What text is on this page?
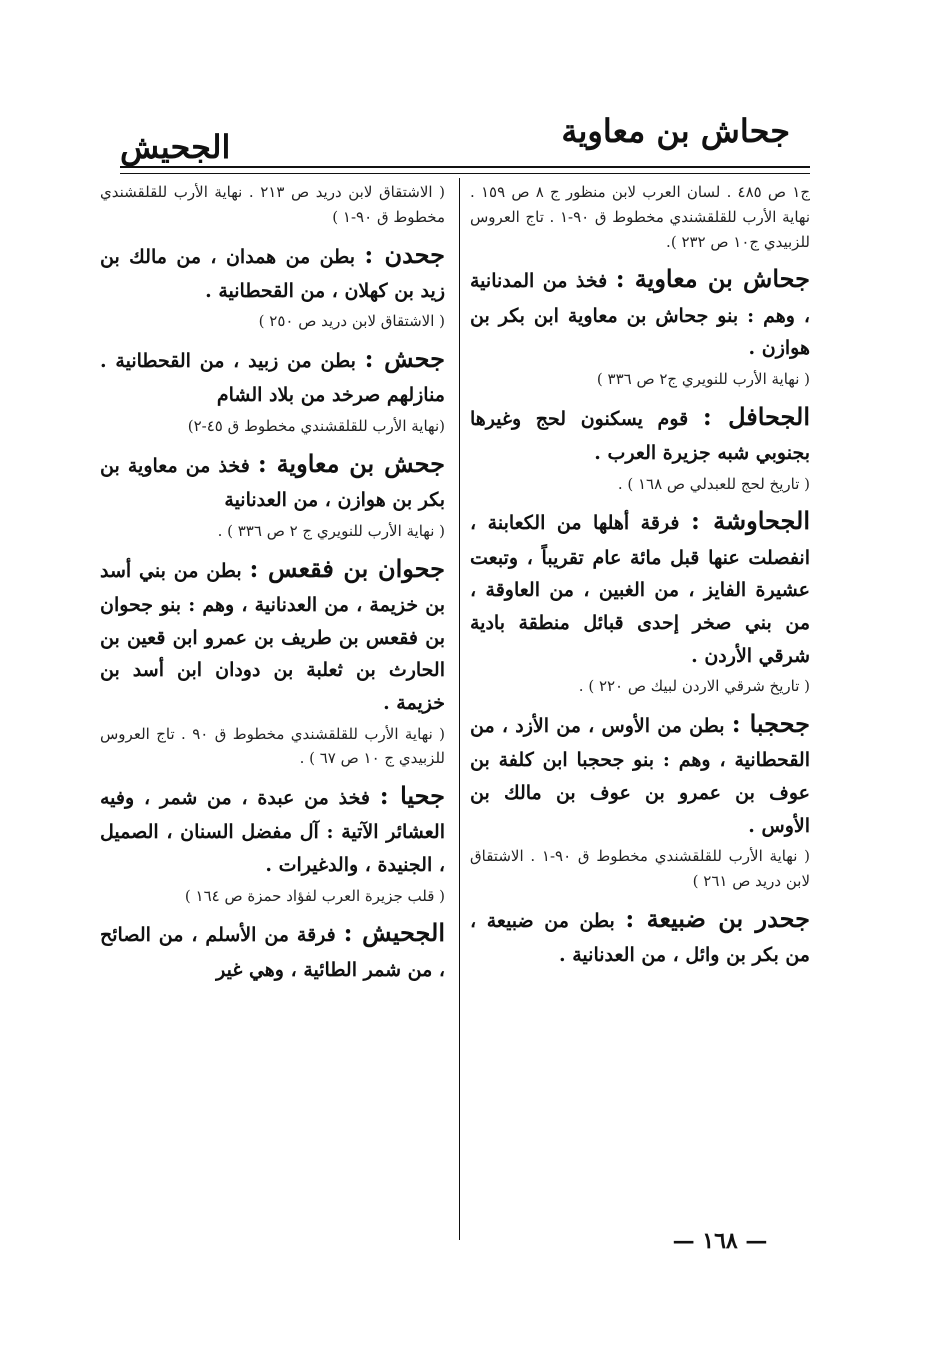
الجحيش	جحاش بن معاوية
ج١ ص ٤٨٥ . لسان العرب لابن منظور ج ٨ ص ١٥٩ . نهاية الأرب للقلقشندي مخطوط ق ٩٠-١ . تاج العروس للزبيدي ج١٠ ص ٢٣٢ ).
جحاش بن معاوية : فخذ من المدنانية ، وهم : بنو جحاش بن معاوية ابن بكر بن هوازن .
( نهاية الأرب للنويري ج٢ ص ٣٣٦ )
الجحافل : قوم يسكنون لحج وغيرها بجنوبي شبه جزيرة العرب .
( تاريخ لحج للعبدلي ص ١٦٨ ) .
الجحاوشة : فرقة أهلها من الكعابنة ، انفصلت عنها قبل مائة عام تقريباً ، وتبعت عشيرة الفايز ، من الغبين ، من العاوقة ، من بني صخر إحدى قبائل منطقة بادية شرقي الأردن .
( تاريخ شرقي الاردن لبيك ص ٢٢٠ ) .
جحجبا : بطن من الأوس ، من الأزد ، من القحطانية ، وهم : بنو جحجبا ابن كلفة بن عوف بن عمرو بن عوف بن مالك بن الأوس .
( نهاية الأرب للقلقشندي مخطوط ق ٩٠-١ . الاشتقاق لابن دريد ص ٢٦١ )
جحدر بن ضبيعة : بطن من ضبيعة ، من بكر بن وائل ، من العدنانية .
( الاشتقاق لابن دريد ص ٢١٣ . نهاية الأرب للقلقشندي مخطوط ق ٩٠-١ )
جحدن : بطن من همدان ، من مالك بن زيد بن كهلان ، من القحطانية .
( الاشتقاق لابن دريد ص ٢٥٠ )
جحش : بطن من زبيد ، من القحطانية . منازلهم صرخد من بلاد الشام
(نهاية الأرب للقلقشندي مخطوط ق ٤٥-٢)
جحش بن معاوية : فخذ من معاوية بن بكر بن هوازن ، من العدنانية
( نهاية الأرب للنويري ج ٢ ص ٣٣٦ ) .
جحوان بن فقعس : بطن من بني أسد بن خزيمة ، من العدنانية ، وهم : بنو جحوان بن فقعس بن طريف بن عمرو ابن قعين بن الحارث بن ثعلبة بن دودان ابن أسد بن خزيمة .
( نهاية الأرب للقلقشندي مخطوط ق ٩٠ . تاج العروس للزبيدي ج ١٠ ص ٦٧ ) .
جحيا : فخذ من عبدة ، من شمر ، وفيه العشائر الآتية : آل مفضل السنان ، الصميل ، الجنيدة ، والدغيرات .
( قلب جزيرة العرب لفؤاد حمزة ص ١٦٤ )
الجحيش : فرقة من الأسلم ، من الصائح ، من شمر الطائية ، وهي غير
— ١٦٨ —
